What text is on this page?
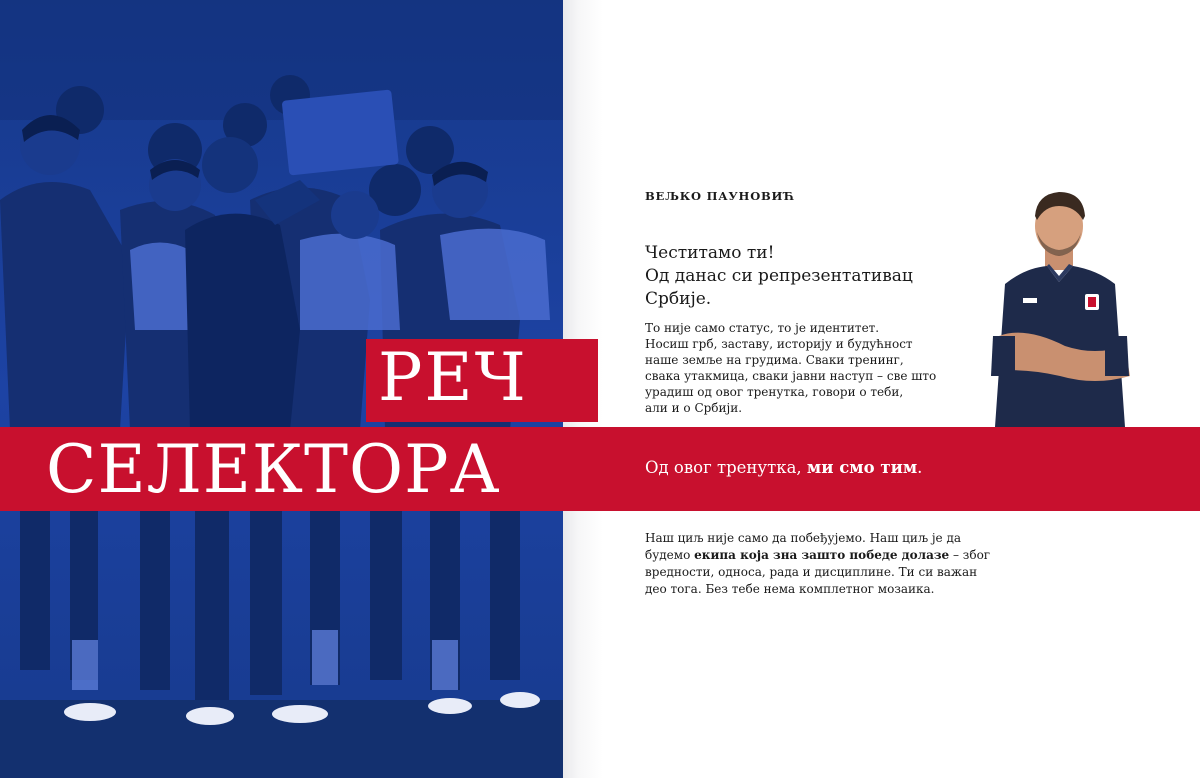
РЕЧ
СЕЛЕКТОРА	Од овог тренутка, ми смо тим.
ВЕЉКО ПАУНОВИЋ
Честитамо ти!
Од данас си репрезентативац
Србије.
То није само статус, то је идентитет.
Носиш грб, заставу, историју и будућност
наше земље на грудима. Сваки тренинг,
свака утакмица, сваки јавни наступ – све што
урадиш од овог тренутка, говори о теби,
али и о Србији.
Наш циљ није само да побеђујемо. Наш циљ је да
будемо екипа која зна зашто победе долазе – због
вредности, односа, рада и дисциплине. Ти си важан
део тога. Без тебе нема комплетног мозаика.
